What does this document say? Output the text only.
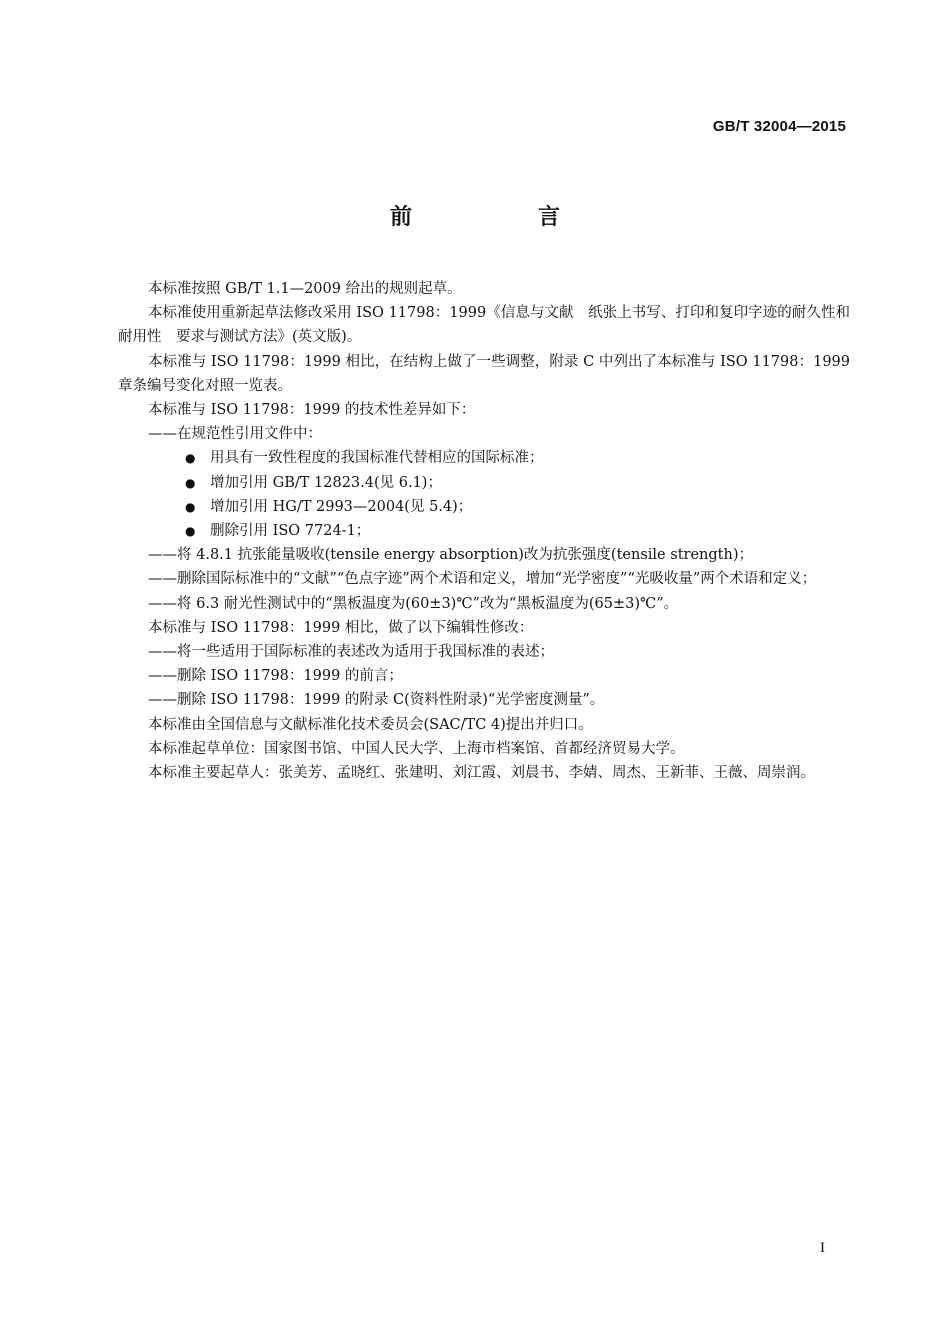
GB/T 32004—2015
前　言

本标准按照 GB/T 1.1—2009 给出的规则起草。

本标准使用重新起草法修改采用 ISO 11798：1999《信息与文献　纸张上书写、打印和复印字迹的耐久性和耐用性　要求与测试方法》(英文版)。

本标准与 ISO 11798：1999 相比，在结构上做了一些调整，附录 C 中列出了本标准与 ISO 11798：1999 章条编号变化对照一览表。

本标准与 ISO 11798：1999 的技术性差异如下：

——在规范性引用文件中：

● 用具有一致性程度的我国标准代替相应的国际标准；

● 增加引用 GB/T 12823.4(见 6.1)；

● 增加引用 HG/T 2993—2004(见 5.4)；

● 删除引用 ISO 7724-1；

——将 4.8.1 抗张能量吸收(tensile energy absorption)改为抗张强度(tensile strength)；

——删除国际标准中的“文献”“色点字迹”两个术语和定义，增加“光学密度”“光吸收量”两个术语和定义；

——将 6.3 耐光性测试中的“黑板温度为(60±3)℃”改为“黑板温度为(65±3)℃”。

本标准与 ISO 11798：1999 相比，做了以下编辑性修改：

——将一些适用于国际标准的表述改为适用于我国标准的表述；

——删除 ISO 11798：1999 的前言；

——删除 ISO 11798：1999 的附录 C(资料性附录)“光学密度测量”。

本标准由全国信息与文献标准化技术委员会(SAC/TC 4)提出并归口。

本标准起草单位：国家图书馆、中国人民大学、上海市档案馆、首都经济贸易大学。

本标准主要起草人：张美芳、孟晓红、张建明、刘江霞、刘晨书、李婧、周杰、王新菲、王薇、周崇润。

I
